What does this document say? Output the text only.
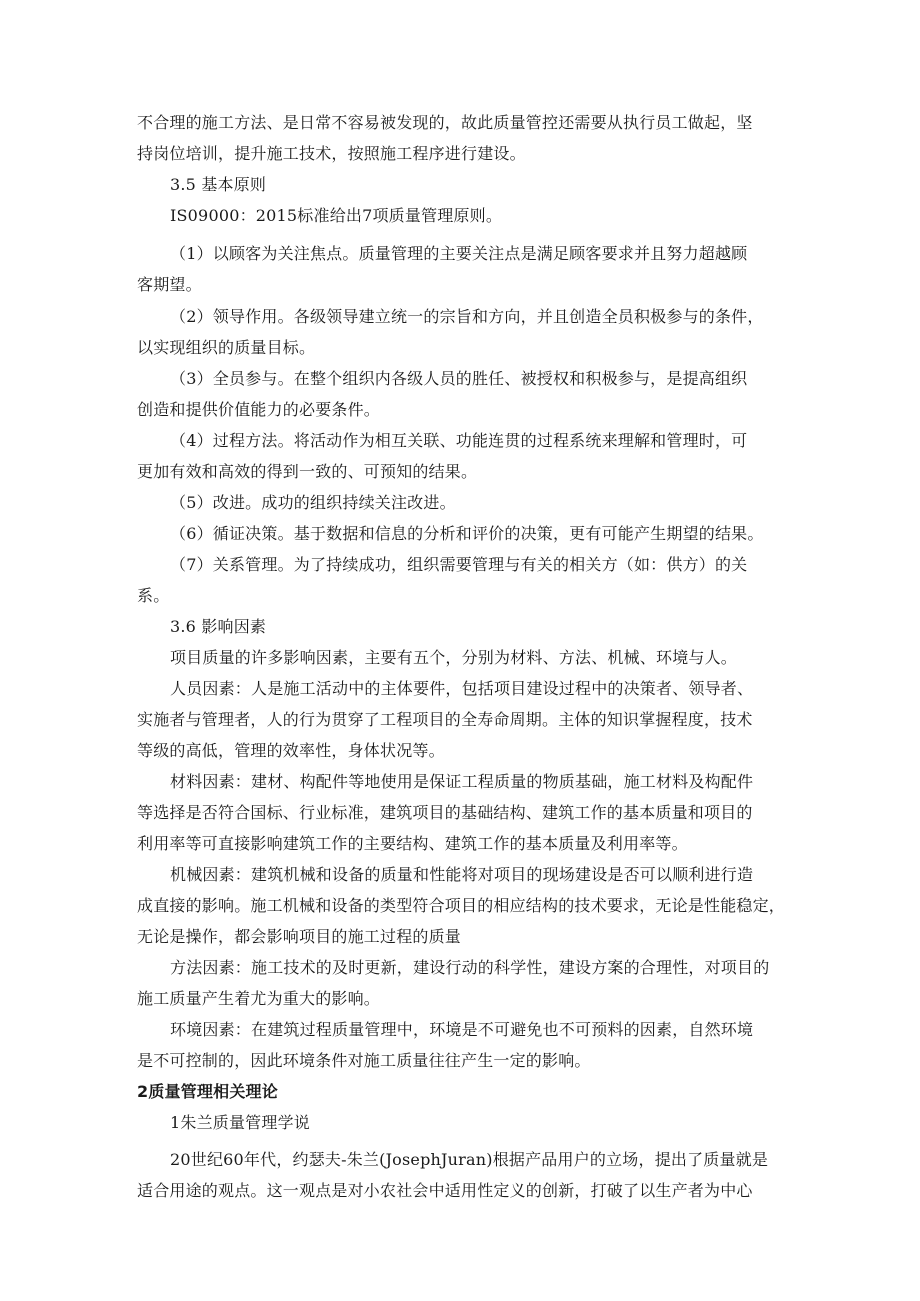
不合理的施工方法、是日常不容易被发现的，故此质量管控还需要从执行员工做起，坚
持岗位培训，提升施工技术，按照施工程序进行建设。
3.5 基本原则
IS09000：2015标准给出7项质量管理原则。
（1）以顾客为关注焦点。质量管理的主要关注点是满足顾客要求并且努力超越顾
客期望。
（2）领导作用。各级领导建立统一的宗旨和方向，并且创造全员积极参与的条件，
以实现组织的质量目标。
（3）全员参与。在整个组织内各级人员的胜任、被授权和积极参与，是提高组织
创造和提供价值能力的必要条件。
（4）过程方法。将活动作为相互关联、功能连贯的过程系统来理解和管理时，可
更加有效和高效的得到一致的、可预知的结果。
（5）改进。成功的组织持续关注改进。
（6）循证决策。基于数据和信息的分析和评价的决策，更有可能产生期望的结果。
（7）关系管理。为了持续成功，组织需要管理与有关的相关方（如：供方）的关
系。
3.6 影响因素
项目质量的许多影响因素，主要有五个，分别为材料、方法、机械、环境与人。
人员因素：人是施工活动中的主体要件，包括项目建设过程中的决策者、领导者、
实施者与管理者，人的行为贯穿了工程项目的全寿命周期。主体的知识掌握程度，技术
等级的高低，管理的效率性，身体状况等。
材料因素：建材、构配件等地使用是保证工程质量的物质基础，施工材料及构配件
等选择是否符合国标、行业标准，建筑项目的基础结构、建筑工作的基本质量和项目的
利用率等可直接影响建筑工作的主要结构、建筑工作的基本质量及利用率等。
机械因素：建筑机械和设备的质量和性能将对项目的现场建设是否可以顺利进行造
成直接的影响。施工机械和设备的类型符合项目的相应结构的技术要求，无论是性能稳定，
无论是操作，都会影响项目的施工过程的质量
方法因素：施工技术的及时更新，建设行动的科学性，建设方案的合理性，对项目的
施工质量产生着尤为重大的影响。
环境因素：在建筑过程质量管理中，环境是不可避免也不可预料的因素，自然环境
是不可控制的，因此环境条件对施工质量往往产生一定的影响。
2质量管理相关理论
1朱兰质量管理学说
20世纪60年代，约瑟夫-朱兰(JosephJuran)根据产品用户的立场，提出了质量就是
适合用途的观点。这一观点是对小农社会中适用性定义的创新，打破了以生产者为中心
